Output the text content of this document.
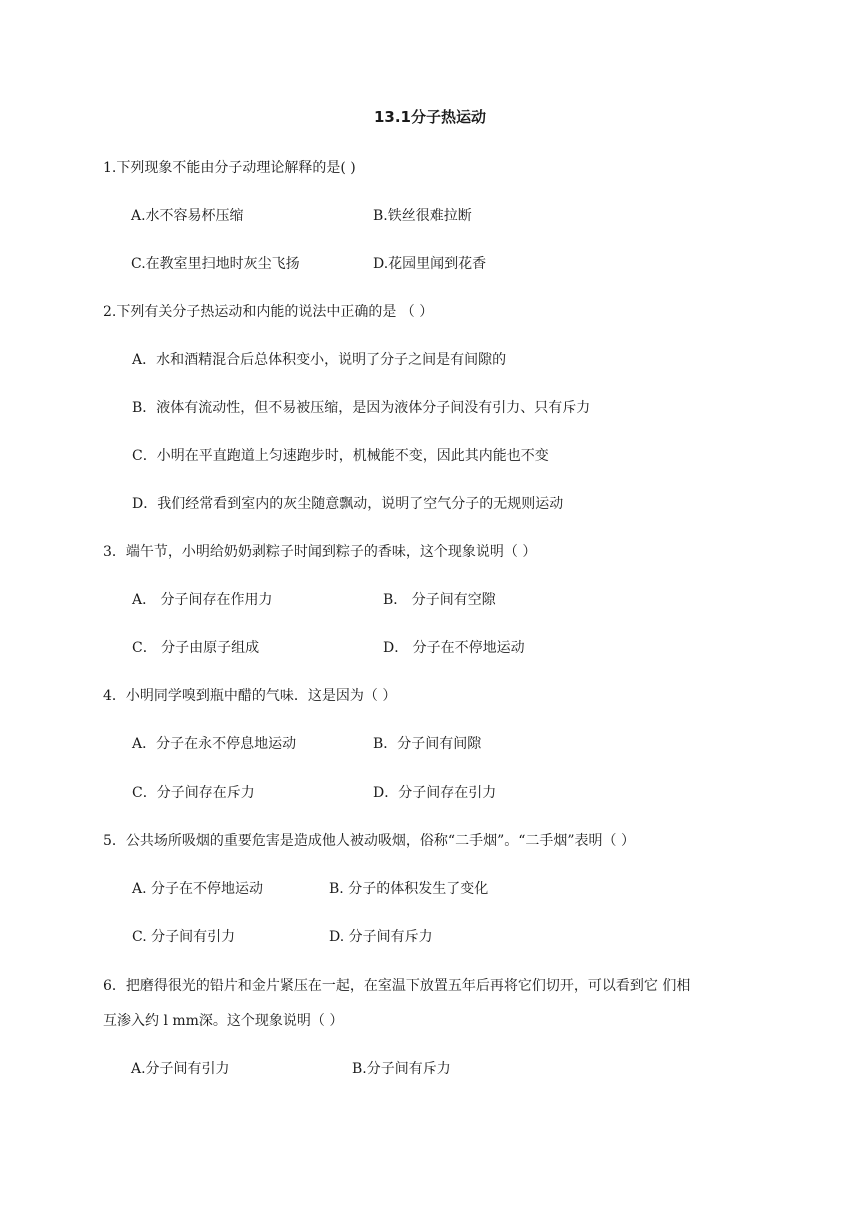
13.1分子热运动
1.下列现象不能由分子动理论解释的是( )
A.水不容易杯压缩	B.铁丝很难拉断
C.在教室里扫地时灰尘飞扬	D.花园里闻到花香
2.下列有关分子热运动和内能的说法中正确的是 （ ）
A．水和酒精混合后总体积变小，说明了分子之间是有间隙的
B．液体有流动性，但不易被压缩，是因为液体分子间没有引力、只有斥力
C．小明在平直跑道上匀速跑步时，机械能不变，因此其内能也不变
D．我们经常看到室内的灰尘随意飘动，说明了空气分子的无规则运动
3．端午节，小明给奶奶剥粽子时闻到粽子的香味，这个现象说明（ ）
A． 分子间存在作用力	B． 分子间有空隙
C． 分子由原子组成	D． 分子在不停地运动
4．小明同学嗅到瓶中醋的气味．这是因为（ ）
A．分子在永不停息地运动	B．分子间有间隙
C．分子间存在斥力	D．分子间存在引力
5．公共场所吸烟的重要危害是造成他人被动吸烟，俗称“二手烟”。“二手烟”表明（ ）
A. 分子在不停地运动	B. 分子的体积发生了变化
C. 分子间有引力	D. 分子间有斥力
6．把磨得很光的铅片和金片紧压在一起，在室温下放置五年后再将它们切开，可以看到它 们相
互渗入约 l mm深。这个现象说明（ ）
A.分子间有引力	B.分子间有斥力
